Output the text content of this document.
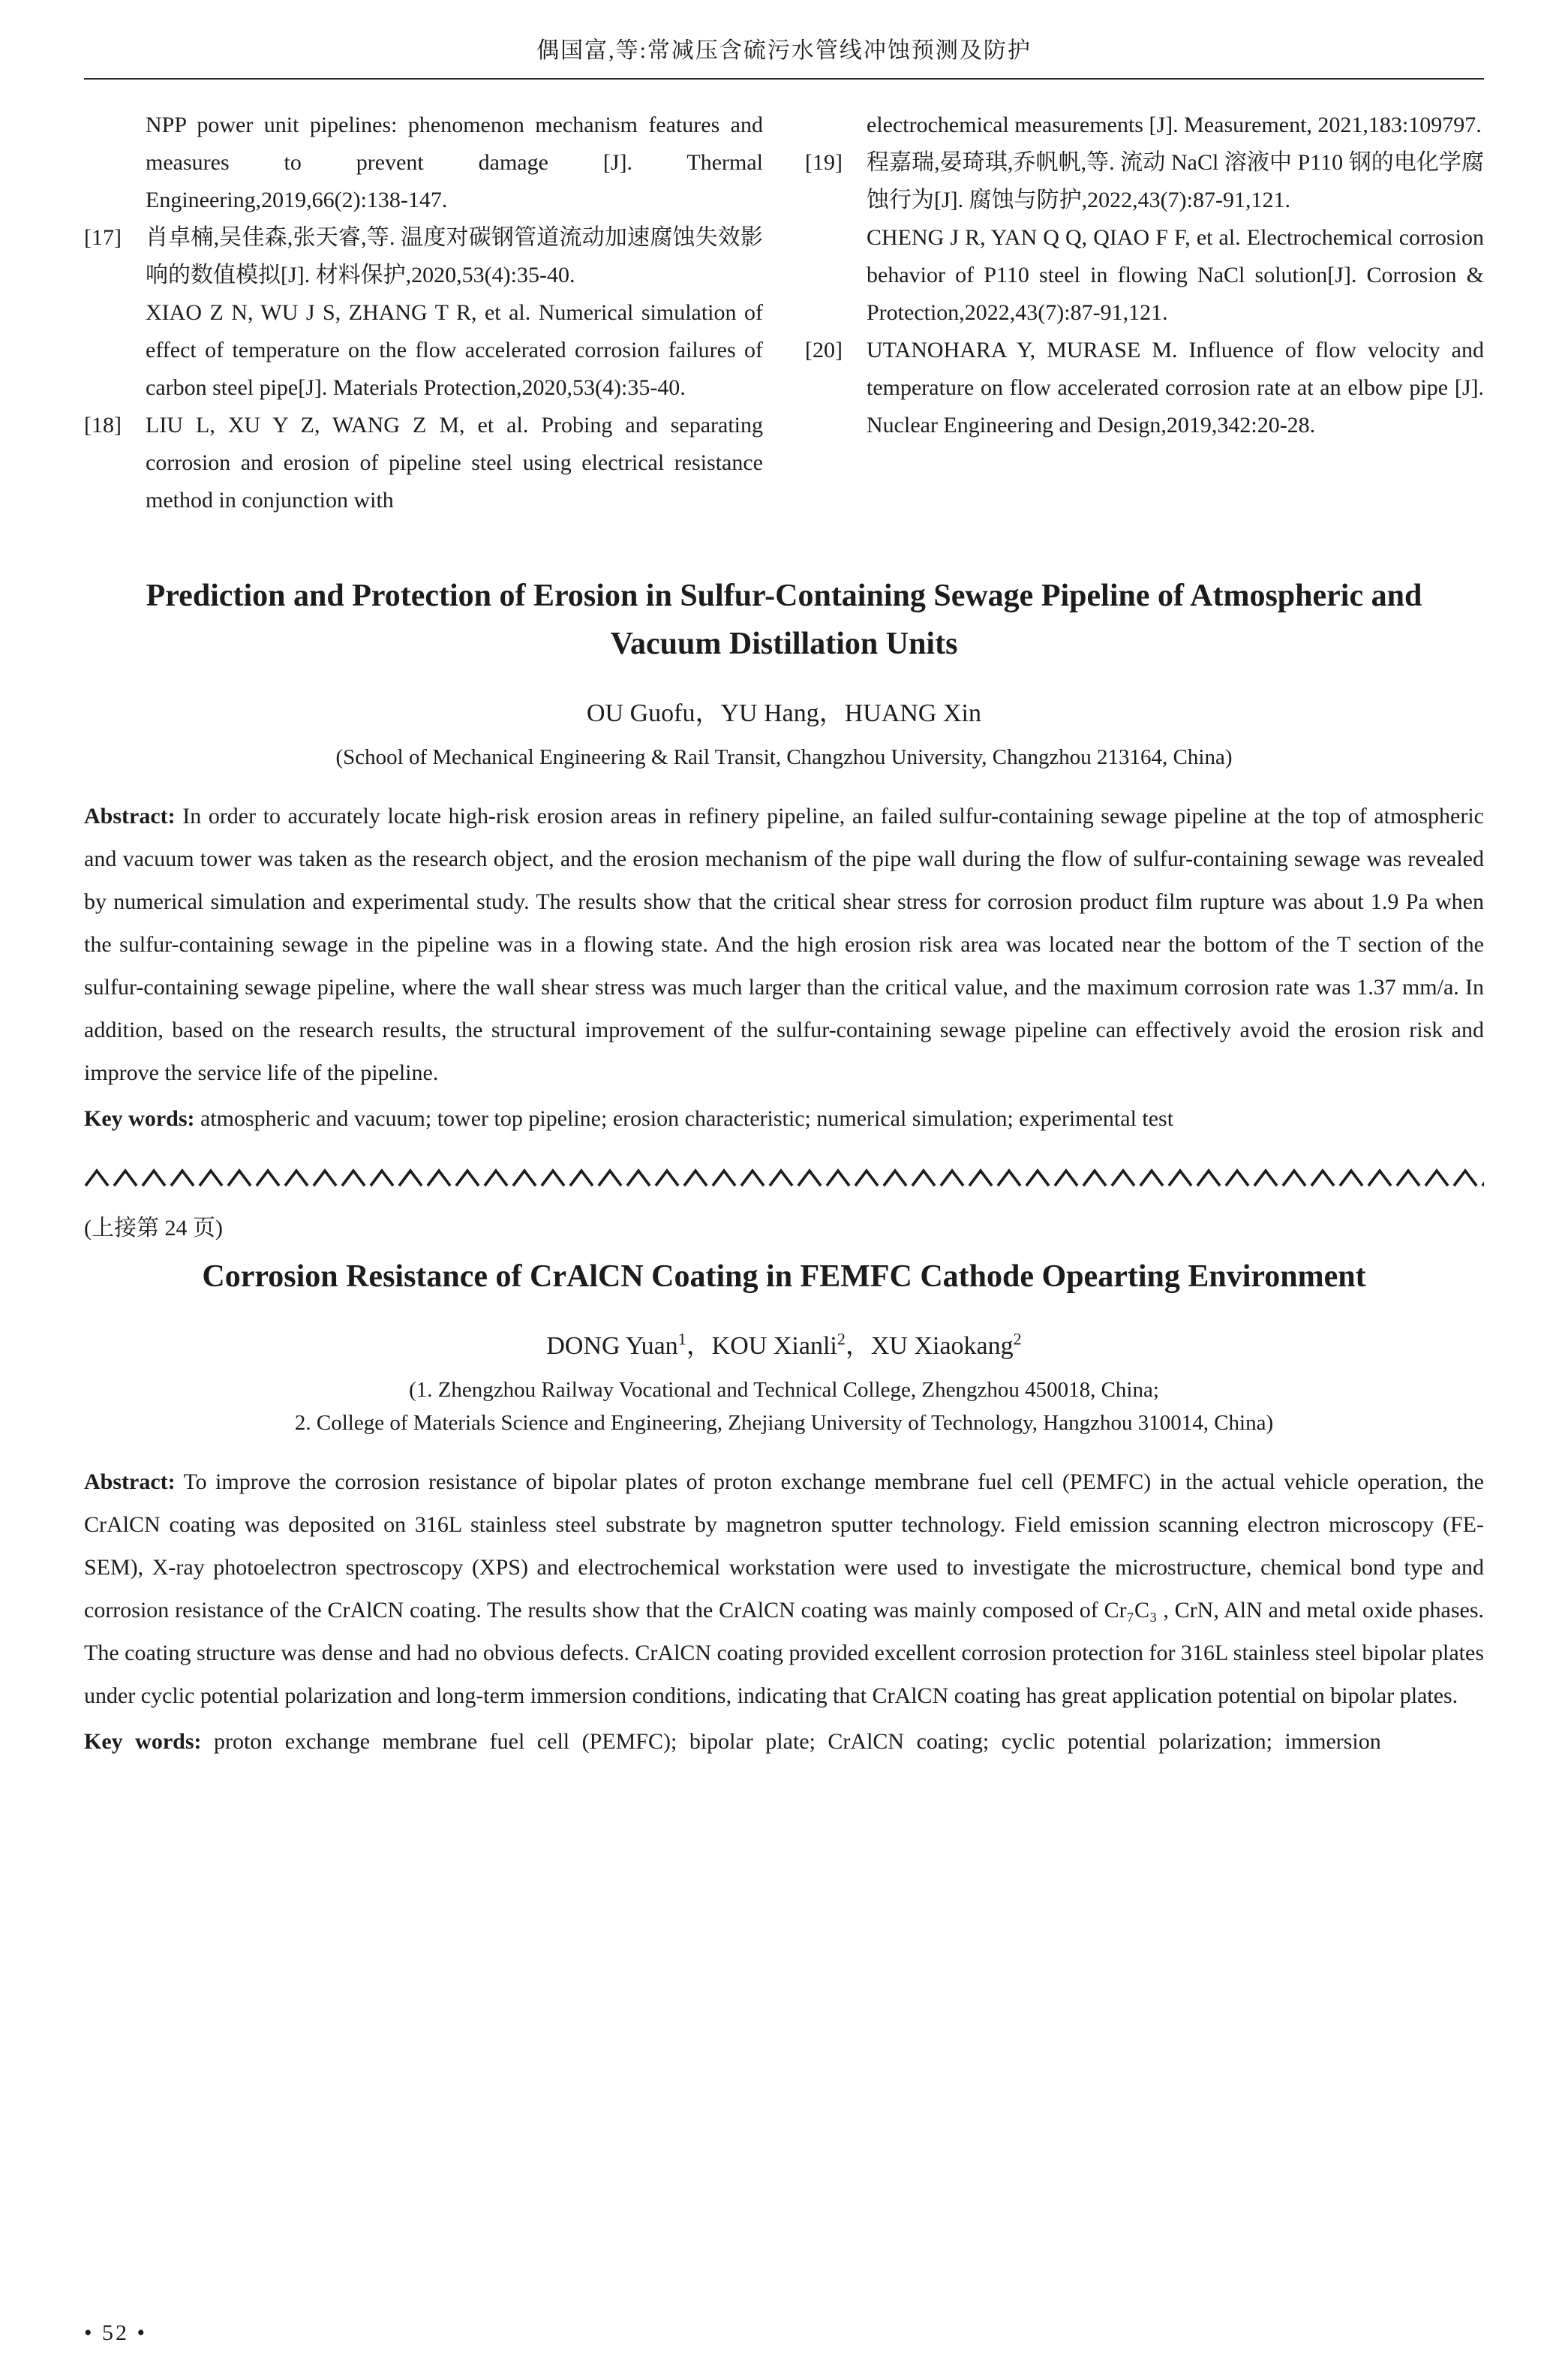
偶国富,等:常减压含硫污水管线冲蚀预测及防护
NPP power unit pipelines: phenomenon mechanism features and measures to prevent damage [J]. Thermal Engineering,2019,66(2):138-147.
[17]	肖卓楠,吴佳森,张天睿,等. 温度对碳钢管道流动加速腐蚀失效影响的数值模拟[J]. 材料保护,2020,53(4):35-40.
XIAO Z N, WU J S, ZHANG T R, et al. Numerical simulation of effect of temperature on the flow accelerated corrosion failures of carbon steel pipe[J]. Materials Protection,2020,53(4):35-40.
[18]	LIU L, XU Y Z, WANG Z M, et al. Probing and separating corrosion and erosion of pipeline steel using electrical resistance method in conjunction with
electrochemical measurements [J]. Measurement, 2021,183:109797.
[19]	程嘉瑞,晏琦琪,乔帆帆,等. 流动 NaCl 溶液中 P110 钢的电化学腐蚀行为[J]. 腐蚀与防护,2022,43(7):87-91,121.
CHENG J R, YAN Q Q, QIAO F F, et al. Electrochemical corrosion behavior of P110 steel in flowing NaCl solution[J]. Corrosion & Protection,2022,43(7):87-91,121.
[20]	UTANOHARA Y, MURASE M. Influence of flow velocity and temperature on flow accelerated corrosion rate at an elbow pipe [J]. Nuclear Engineering and Design,2019,342:20-28.
Prediction and Protection of Erosion in Sulfur-Containing Sewage Pipeline of Atmospheric and Vacuum Distillation Units
OU Guofu，YU Hang，HUANG Xin
(School of Mechanical Engineering & Rail Transit, Changzhou University, Changzhou 213164, China)
Abstract: In order to accurately locate high-risk erosion areas in refinery pipeline, an failed sulfur-containing sewage pipeline at the top of atmospheric and vacuum tower was taken as the research object, and the erosion mechanism of the pipe wall during the flow of sulfur-containing sewage was revealed by numerical simulation and experimental study. The results show that the critical shear stress for corrosion product film rupture was about 1.9 Pa when the sulfur-containing sewage in the pipeline was in a flowing state. And the high erosion risk area was located near the bottom of the T section of the sulfur-containing sewage pipeline, where the wall shear stress was much larger than the critical value, and the maximum corrosion rate was 1.37 mm/a. In addition, based on the research results, the structural improvement of the sulfur-containing sewage pipeline can effectively avoid the erosion risk and improve the service life of the pipeline.
Key words: atmospheric and vacuum; tower top pipeline; erosion characteristic; numerical simulation; experimental test
(上接第 24 页)
Corrosion Resistance of CrAlCN Coating in FEMFC Cathode Opearting Environment
DONG Yuan$^1$，KOU Xianli$^2$，XU Xiaokang$^2$
(1. Zhengzhou Railway Vocational and Technical College, Zhengzhou 450018, China;
2. College of Materials Science and Engineering, Zhejiang University of Technology, Hangzhou 310014, China)
Abstract: To improve the corrosion resistance of bipolar plates of proton exchange membrane fuel cell (PEMFC) in the actual vehicle operation, the CrAlCN coating was deposited on 316L stainless steel substrate by magnetron sputter technology. Field emission scanning electron microscopy (FE-SEM), X-ray photoelectron spectroscopy (XPS) and electrochemical workstation were used to investigate the microstructure, chemical bond type and corrosion resistance of the CrAlCN coating. The results show that the CrAlCN coating was mainly composed of Cr₇C₃ , CrN, AlN and metal oxide phases. The coating structure was dense and had no obvious defects. CrAlCN coating provided excellent corrosion protection for 316L stainless steel bipolar plates under cyclic potential polarization and long-term immersion conditions, indicating that CrAlCN coating has great application potential on bipolar plates.
Key words: proton exchange membrane fuel cell (PEMFC); bipolar plate; CrAlCN coating; cyclic potential polarization; immersion
• 52 •
